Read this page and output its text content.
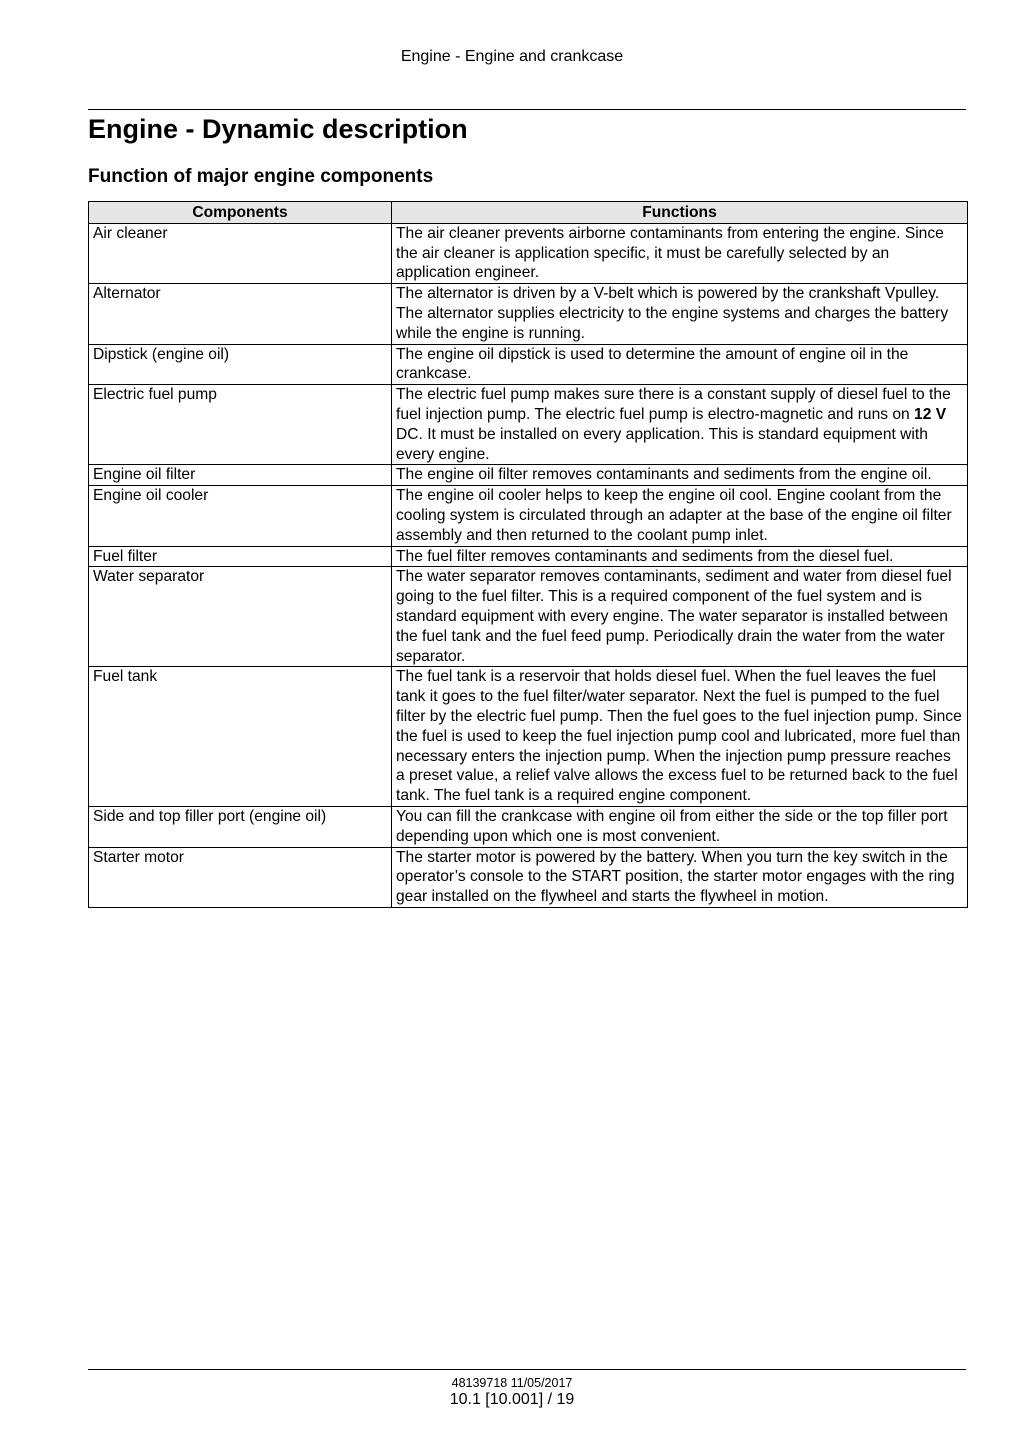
Engine - Engine and crankcase
Engine - Dynamic description
Function of major engine components
Components	Functions
Air cleaner	The air cleaner prevents airborne contaminants from entering the engine. Since the air cleaner is application specific, it must be carefully selected by an application engineer.
Alternator	The alternator is driven by a V-belt which is powered by the crankshaft Vpulley. The alternator supplies electricity to the engine systems and charges the battery while the engine is running.
Dipstick (engine oil)	The engine oil dipstick is used to determine the amount of engine oil in the crankcase.
Electric fuel pump	The electric fuel pump makes sure there is a constant supply of diesel fuel to the fuel injection pump. The electric fuel pump is electro-magnetic and runs on 12 V DC. It must be installed on every application. This is standard equipment with every engine.
Engine oil filter	The engine oil filter removes contaminants and sediments from the engine oil.
Engine oil cooler	The engine oil cooler helps to keep the engine oil cool. Engine coolant from the cooling system is circulated through an adapter at the base of the engine oil filter assembly and then returned to the coolant pump inlet.
Fuel filter	The fuel filter removes contaminants and sediments from the diesel fuel.
Water separator	The water separator removes contaminants, sediment and water from diesel fuel going to the fuel filter. This is a required component of the fuel system and is standard equipment with every engine. The water separator is installed between the fuel tank and the fuel feed pump. Periodically drain the water from the water separator.
Fuel tank	The fuel tank is a reservoir that holds diesel fuel. When the fuel leaves the fuel tank it goes to the fuel filter/water separator. Next the fuel is pumped to the fuel filter by the electric fuel pump. Then the fuel goes to the fuel injection pump. Since the fuel is used to keep the fuel injection pump cool and lubricated, more fuel than necessary enters the injection pump. When the injection pump pressure reaches a preset value, a relief valve allows the excess fuel to be returned back to the fuel tank. The fuel tank is a required engine component.
Side and top filler port (engine oil)	You can fill the crankcase with engine oil from either the side or the top filler port depending upon which one is most convenient.
Starter motor	The starter motor is powered by the battery. When you turn the key switch in the operator’s console to the START position, the starter motor engages with the ring gear installed on the flywheel and starts the flywheel in motion.
48139718 11/05/2017
10.1 [10.001] / 19
